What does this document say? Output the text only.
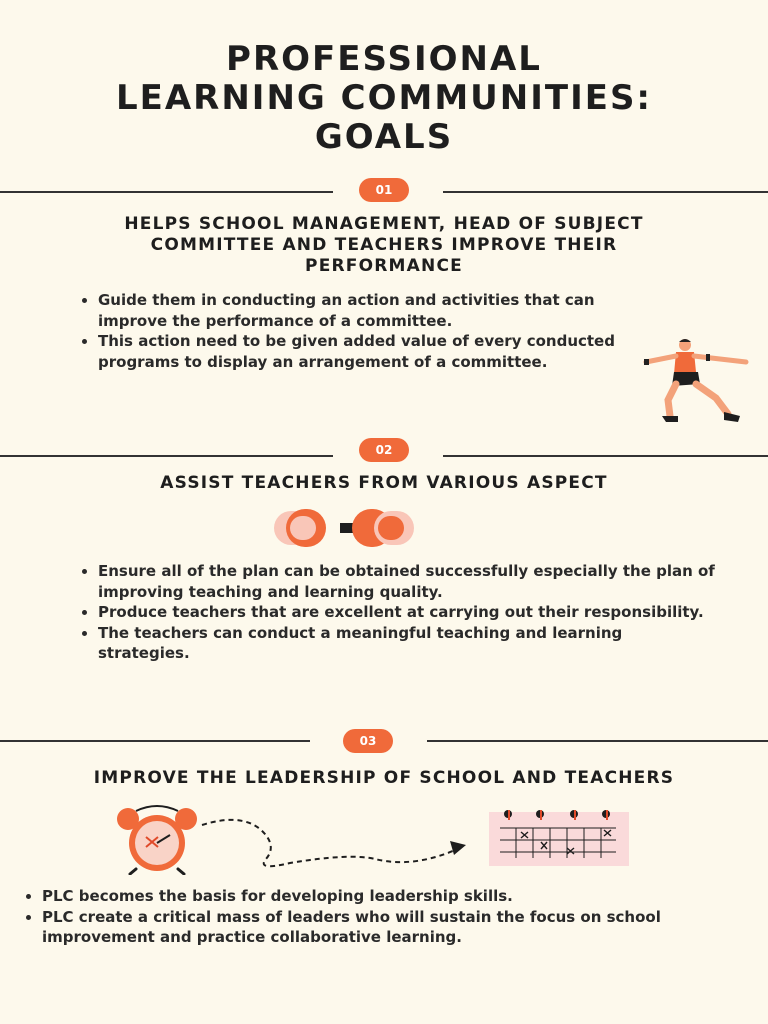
PROFESSIONAL
LEARNING COMMUNITIES:
GOALS
01
HELPS SCHOOL MANAGEMENT, HEAD OF SUBJECT
COMMITTEE AND TEACHERS IMPROVE THEIR
PERFORMANCE
• Guide them in conducting an action and activities that can improve the performance of a committee.
• This action need to be given added value of every conducted programs to display an arrangement of a committee.
02
ASSIST TEACHERS FROM VARIOUS ASPECT
• Ensure all of the plan can be obtained successfully especially the plan of improving teaching and learning quality.
• Produce teachers that are excellent at carrying out their responsibility.
• The teachers can conduct a meaningful teaching and learning strategies.
03
IMPROVE THE LEADERSHIP OF SCHOOL AND TEACHERS
• PLC becomes the basis for developing leadership skills.
• PLC create a critical mass of leaders who will sustain the focus on school improvement and practice collaborative learning.
